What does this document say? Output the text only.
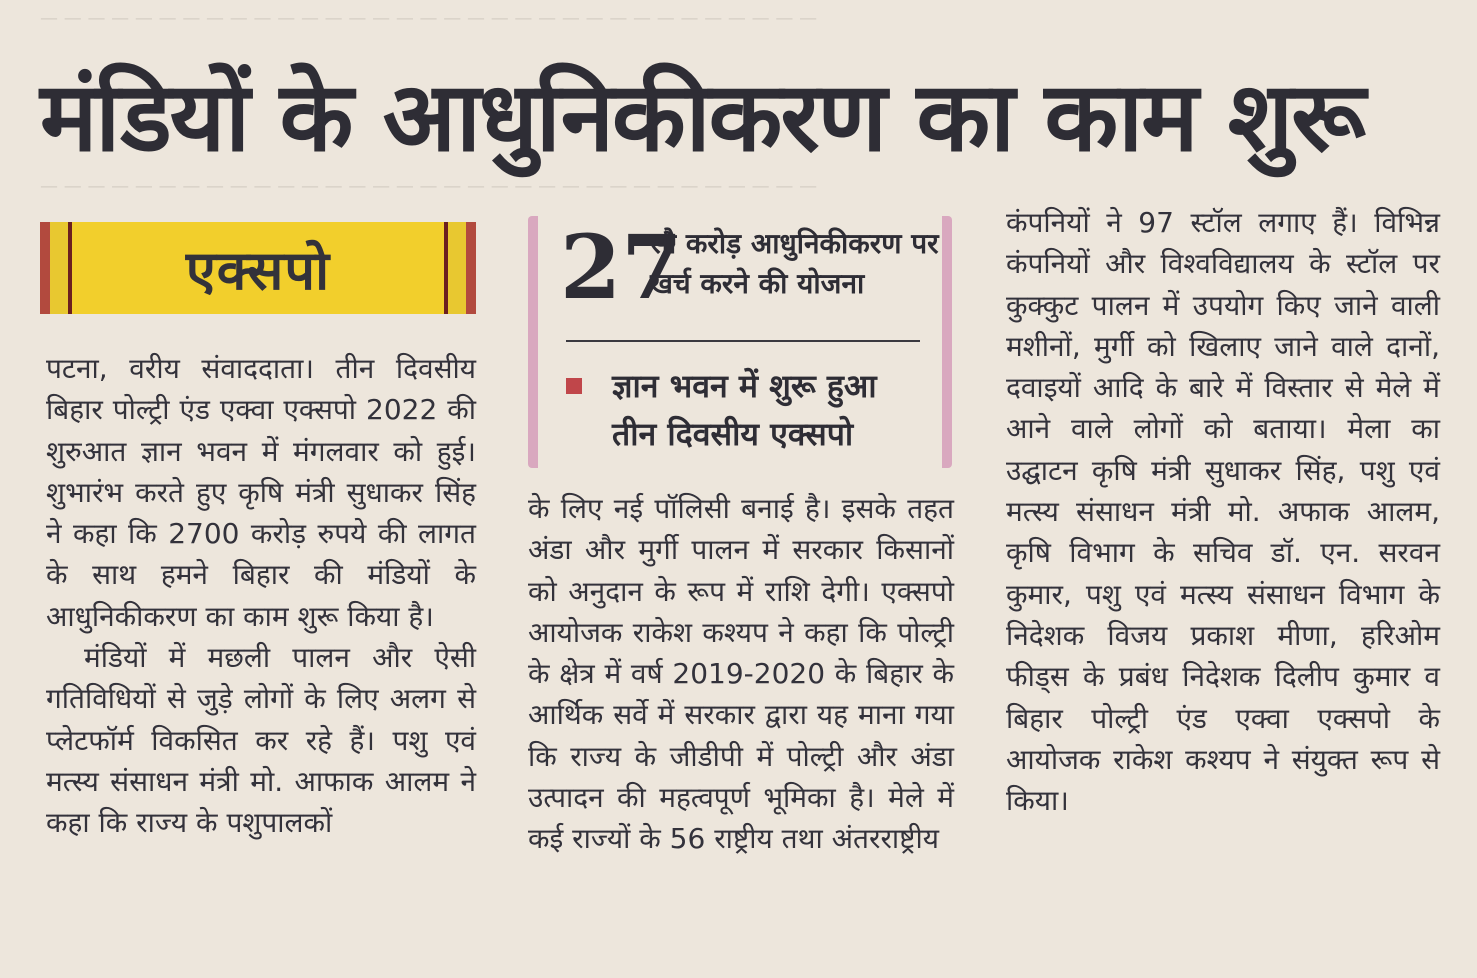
— — — — — — — — — — — — — — — — — — — — — — — — — — — — — — — — —
— — — — — — — — — — — — — — — — — — — — — — — — — — — — — — — — —
मंडियों के आधुनिकीकरण का काम शुरू
एक्सपो

पटना, वरीय संवाददाता। तीन दिवसीय बिहार पोल्ट्री एंड एक्वा एक्सपो 2022 की शुरुआत ज्ञान भवन में मंगलवार को हुई। शुभारंभ करते हुए कृषि मंत्री सुधाकर सिंह ने कहा कि 2700 करोड़ रुपये की लागत के साथ हमने बिहार की मंडियों के आधुनिकीकरण का काम शुरू किया है।

मंडियों में मछली पालन और ऐसी गतिविधियों से जुड़े लोगों के लिए अलग से प्लेटफॉर्म विकसित कर रहे हैं। पशु एवं मत्स्य संसाधन मंत्री मो. आफाक आलम ने कहा कि राज्य के पशुपालकों

27
सौ करोड़ आधुनिकीकरण पर खर्च करने की योजना
ज्ञान भवन में शुरू हुआ तीन दिवसीय एक्सपो

के लिए नई पॉलिसी बनाई है। इसके तहत अंडा और मुर्गी पालन में सरकार किसानों को अनुदान के रूप में राशि देगी। एक्सपो आयोजक राकेश कश्यप ने कहा कि पोल्ट्री के क्षेत्र में वर्ष 2019-2020 के बिहार के आर्थिक सर्वे में सरकार द्वारा यह माना गया कि राज्य के जीडीपी में पोल्ट्री और अंडा उत्पादन की महत्वपूर्ण भूमिका है। मेले में कई राज्यों के 56 राष्ट्रीय तथा अंतरराष्ट्रीय

कंपनियों ने 97 स्टॉल लगाए हैं। विभिन्न कंपनियों और विश्वविद्यालय के स्टॉल पर कुक्कुट पालन में उपयोग किए जाने वाली मशीनों, मुर्गी को खिलाए जाने वाले दानों, दवाइयों आदि के बारे में विस्तार से मेले में आने वाले लोगों को बताया। मेला का उद्घाटन कृषि मंत्री सुधाकर सिंह, पशु एवं मत्स्य संसाधन मंत्री मो. अफाक आलम, कृषि विभाग के सचिव डॉ. एन. सरवन कुमार, पशु एवं मत्स्य संसाधन विभाग के निदेशक विजय प्रकाश मीणा, हरिओम फीड्स के प्रबंध निदेशक दिलीप कुमार व बिहार पोल्ट्री एंड एक्वा एक्सपो के आयोजक राकेश कश्यप ने संयुक्त रूप से किया।
